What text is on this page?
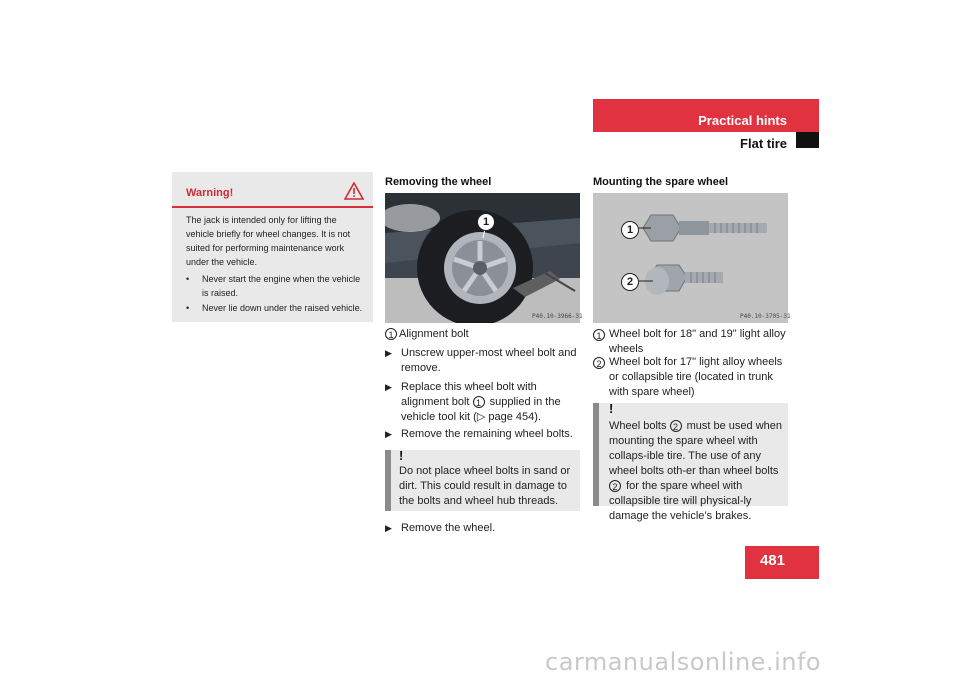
Practical hints
Flat tire
Warning!
The jack is intended only for lifting the vehicle briefly for wheel changes. It is not suited for performing maintenance work under the vehicle.
• Never start the engine when the vehicle is raised.
• Never lie down under the raised vehicle.
Removing the wheel
1
P40.10-3966-31
1 Alignment bolt
▶ Unscrew upper-most wheel bolt and remove.
▶ Replace this wheel bolt with alignment bolt 1 supplied in the vehicle tool kit (▷ page 454).
▶ Remove the remaining wheel bolts.
!
Do not place wheel bolts in sand or dirt. This could result in damage to the bolts and wheel hub threads.
▶ Remove the wheel.
Mounting the spare wheel
1
2
P40.10-3705-31
1 Wheel bolt for 18" and 19" light alloy wheels
2 Wheel bolt for 17" light alloy wheels or collapsible tire (located in trunk with spare wheel)
!
Wheel bolts 2 must be used when mounting the spare wheel with collaps-ible tire. The use of any wheel bolts oth-er than wheel bolts 2 for the spare wheel with collapsible tire will physical-ly damage the vehicle’s brakes.
481
carmanualsonline.info
